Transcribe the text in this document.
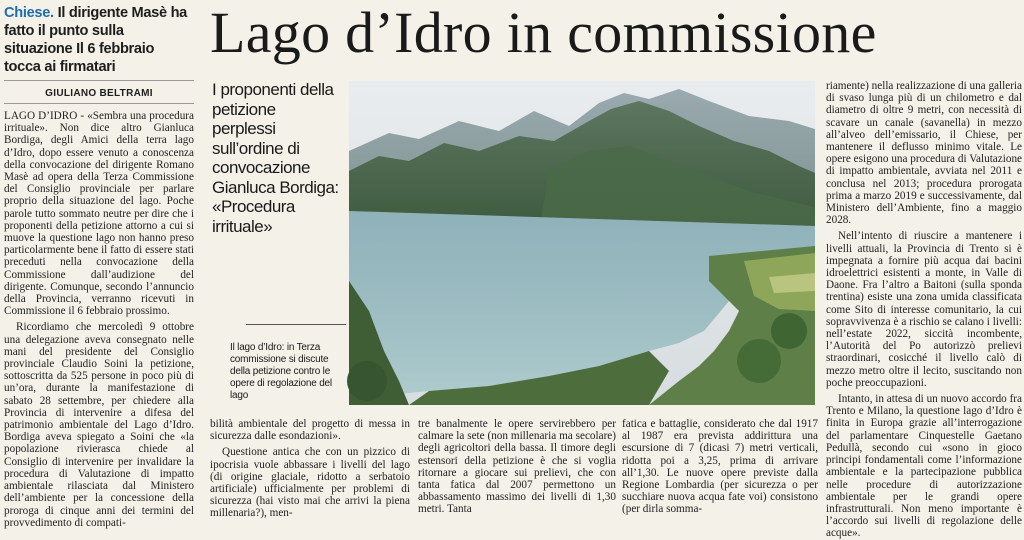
Chiese. Il dirigente Masè ha fatto il punto sulla situazione Il 6 febbraio tocca ai firmatari
Lago d’Idro in commissione
GIULIANO BELTRAMI

LAGO D’IDRO - «Sembra una procedura irrituale». Non dice altro Gianluca Bordiga, degli Amici della terra lago d’Idro, dopo essere venuto a conoscenza della convocazione del dirigente Romano Masè ad opera della Terza Commissione del Consiglio provinciale per parlare proprio della situazione del lago. Poche parole tutto sommato neutre per dire che i proponenti della petizione attorno a cui si muove la questione lago non hanno preso particolarmente bene il fatto di essere stati preceduti nella convocazione della Commissione dall’audizione del dirigente. Comunque, secondo l’annuncio della Provincia, verranno ricevuti in Commissione il 6 febbraio prossimo.

Ricordiamo che mercoledì 9 ottobre una delegazione aveva consegnato nelle mani del presidente del Consiglio provinciale Claudio Soini la petizione, sottoscritta da 525 persone in poco più di un’ora, durante la manifestazione di sabato 28 settembre, per chiedere alla Provincia di intervenire a difesa del patrimonio ambientale del Lago d’Idro. Bordiga aveva spiegato a Soini che «la popolazione rivierasca chiede al Consiglio di intervenire per invalidare la procedura di Valutazione di impatto ambientale rilasciata dal Ministero dell’ambiente per la concessione della proroga di cinque anni dei termini del provvedimento di compati-

I proponenti della petizione perplessi sull’ordine di convocazione Gianluca Bordiga: «Procedura irrituale»
Il lago d’Idro: in Terza commissione si discute della petizione contro le opere di regolazione del lago

bilità ambientale del progetto di messa in sicurezza dalle esondazioni».

Questione antica che con un pizzico di ipocrisia vuole abbassare i livelli del lago (di origine glaciale, ridotto a serbatoio artificiale) ufficialmente per problemi di sicurezza (hai visto mai che arrivi la piena millenaria?), men-

tre banalmente le opere servirebbero per calmare la sete (non millenaria ma secolare) degli agricoltori della bassa. Il timore degli estensori della petizione è che si voglia ritornare a giocare sui prelievi, che con tanta fatica dal 2007 permettono un abbassamento massimo dei livelli di 1,30 metri. Tanta

fatica e battaglie, considerato che dal 1917 al 1987 era prevista addirittura una escursione di 7 (dicasi 7) metri verticali, ridotta poi a 3,25, prima di arrivare all’1,30. Le nuove opere previste dalla Regione Lombardia (per sicurezza o per succhiare nuova acqua fate voi) consistono (per dirla somma-

riamente) nella realizzazione di una galleria di svaso lunga più di un chilometro e dal diametro di oltre 9 metri, con necessità di scavare un canale (savanella) in mezzo all’alveo dell’emissario, il Chiese, per mantenere il deflusso minimo vitale. Le opere esigono una procedura di Valutazione di impatto ambientale, avviata nel 2011 e conclusa nel 2013; procedura prorogata prima a marzo 2019 e successivamente, dal Ministero dell’Ambiente, fino a maggio 2028.

Nell’intento di riuscire a mantenere i livelli attuali, la Provincia di Trento si è impegnata a fornire più acqua dai bacini idroelettrici esistenti a monte, in Valle di Daone. Fra l’altro a Baitoni (sulla sponda trentina) esiste una zona umida classificata come Sito di interesse comunitario, la cui sopravvivenza è a rischio se calano i livelli: nell’estate 2022, siccità incombente, l’Autorità del Po autorizzò prelievi straordinari, cosicché il livello calò di mezzo metro oltre il lecito, suscitando non poche preoccupazioni.

Intanto, in attesa di un nuovo accordo fra Trento e Milano, la questione lago d’Idro è finita in Europa grazie all’interrogazione del parlamentare Cinquestelle Gaetano Pedullà, secondo cui «sono in gioco principi fondamentali come l’informazione ambientale e la partecipazione pubblica nelle procedure di autorizzazione ambientale per le grandi opere infrastrutturali. Non meno importante è l’accordo sui livelli di regolazione delle acque».
